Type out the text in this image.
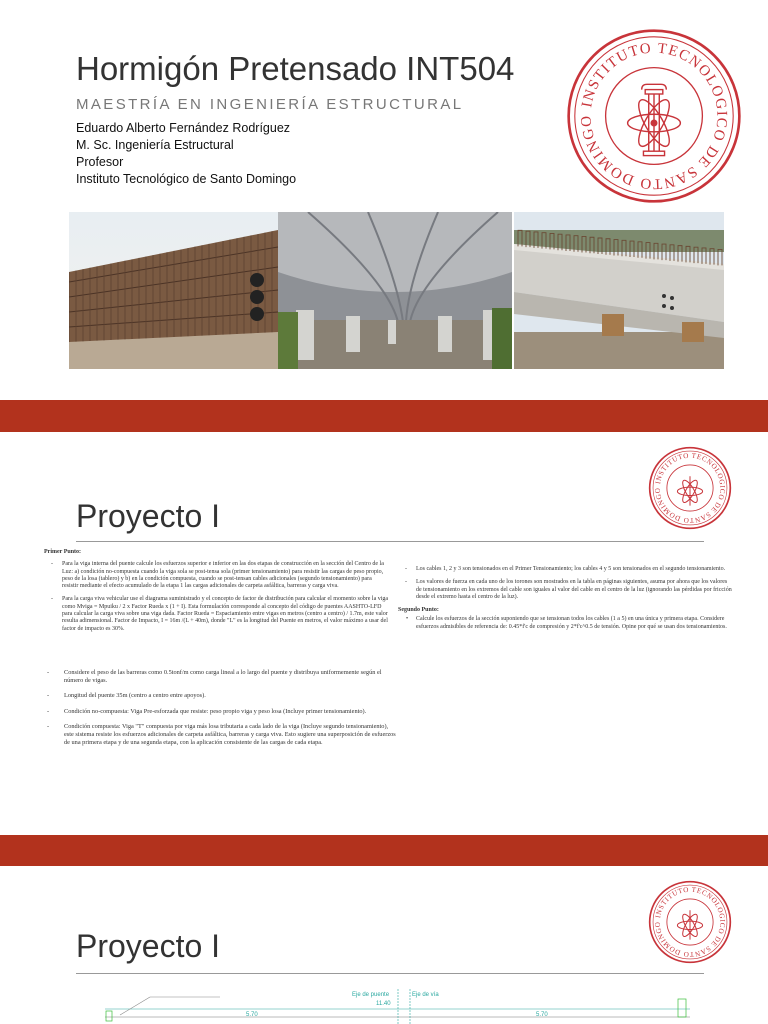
Hormigón Pretensado INT504
MAESTRÍA EN INGENIERÍA ESTRUCTURAL
Eduardo Alberto Fernández Rodríguez
M. Sc. Ingeniería Estructural
Profesor
Instituto Tecnológico de Santo Domingo
INSTITUTO TECNOLOGICO DE SANTO DOMINGO
INSTITUTO TECNOLOGICO DE SANTO DOMINGO
Proyecto I
Primer Punto:
- Para la viga interna del puente calcule los esfuerzos superior e inferior en las dos etapas de construcción en la sección del Centro de la Luz: a) condición no-compuesta cuando la viga sola se post-tensa sola (primer tensionamiento) para resistir las cargas de peso propio, peso de la losa (tablero) y b) en la condición compuesta, cuando se post-tensan cables adicionales (segundo tensionamiento) para resistir mediante el efecto acumulado de la etapa 1 las cargas adicionales de carpeta asfáltica, barreras y carga viva.
- Para la carga viva vehicular use el diagrama suministrado y el concepto de factor de distribución para calcular el momento sobre la viga como Mviga = Mpuiku / 2 x Factor Rueda x (1 + I). Esta formulación corresponde al concepto del código de puentes AASHTO-LFD para calcular la carga viva sobre una viga dada. Factor Rueda = Espaciamiento entre vigas en metros (centro a centro) / 1.7m, este valor resulta adimensional. Factor de Impacto, I = 16m /(L + 40m), donde "L" es la longitud del Puente en metros, el valor máximo a usar del factor de impacto es 30%.
- Los cables 1, 2 y 3 son tensionados en el Primer Tensionamiento; los cables 4 y 5 son tensionados en el segundo tensionamiento.
- Los valores de fuerza en cada uno de los torones son mostrados en la tabla en páginas siguientes, asuma por ahora que los valores de tensionamiento en los extremos del cable son iguales al valor del cable en el centro de la luz (ignorando las pérdidas por fricción desde el extremo hasta el centro de la luz).
Segundo Punto:
• Calcule los esfuerzos de la sección suponiendo que se tensionan todos los cables (1 a 5) en una única y primera etapa. Considere esfuerzos admisibles de referencia de: 0.45*f'c de compresión y 2*f'c^0.5 de tensión. Opine por qué se usan dos tensionamientos.
- Considere el peso de las barreras como 0.5tonf/m como carga lineal a lo largo del puente y distribuya uniformemente según el número de vigas.
- Longitud del puente 35m (centro a centro entre apoyos).
- Condición no-compuesta: Viga Pre-esforzada que resiste: peso propio viga y peso losa (Incluye primer tensionamiento).
- Condición compuesta: Viga "T" compuesta por viga más losa tributaria a cada lado de la viga (Incluye segundo tensionamiento), este sistema resiste los esfuerzos adicionales de carpeta asfáltica, barreras y carga viva. Esto sugiere una superposición de esfuerzos de una primera etapa y de una segunda etapa, con la aplicación consistente de las cargas de cada etapa.
INSTITUTO TECNOLOGICO DE SANTO DOMINGO
Proyecto I
Eje de puente	Eje de vía
11.40
5.70	5.70
